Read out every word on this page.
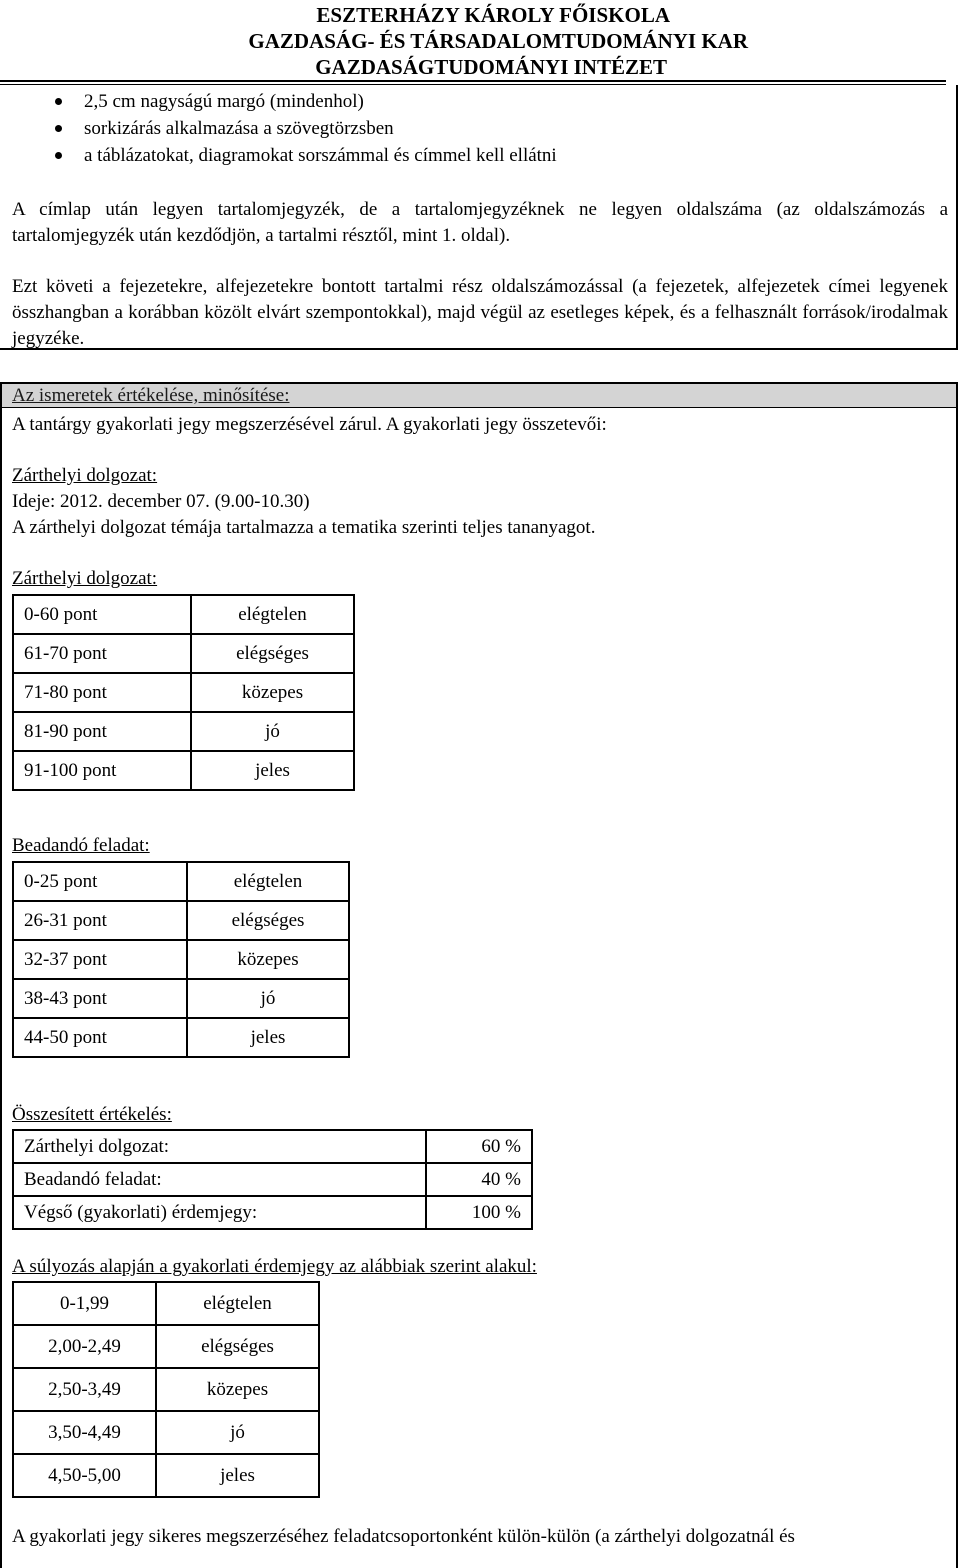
ESZTERHÁZY KÁROLY FŐISKOLA
GAZDASÁG- ÉS TÁRSADALOMTUDOMÁNYI KAR
GAZDASÁGTUDOMÁNYI INTÉZET
2,5 cm nagyságú margó (mindenhol)
sorkizárás alkalmazása a szövegtörzsben
a táblázatokat, diagramokat sorszámmal és címmel kell ellátni
A címlap után legyen tartalomjegyzék, de a tartalomjegyzéknek ne legyen oldalszáma (az oldalszámozás a tartalomjegyzék után kezdődjön, a tartalmi résztől, mint 1. oldal).
Ezt követi a fejezetekre, alfejezetekre bontott tartalmi rész oldalszámozással (a fejezetek, alfejezetek címei legyenek összhangban a korábban közölt elvárt szempontokkal), majd végül az esetleges képek, és a felhasznált források/irodalmak jegyzéke.
Az ismeretek értékelése, minősítése:
A tantárgy gyakorlati jegy megszerzésével zárul. A gyakorlati jegy összetevői:
Zárthelyi dolgozat:
Ideje: 2012. december 07. (9.00-10.30)
A zárthelyi dolgozat témája tartalmazza a tematika szerinti teljes tananyagot.
Zárthelyi dolgozat:
0-60 pont	elégtelen
61-70 pont	elégséges
71-80 pont	közepes
81-90 pont	jó
91-100 pont	jeles
Beadandó feladat:
0-25 pont	elégtelen
26-31 pont	elégséges
32-37 pont	közepes
38-43 pont	jó
44-50 pont	jeles
Összesített értékelés:
Zárthelyi dolgozat:	60 %
Beadandó feladat:	40 %
Végső (gyakorlati) érdemjegy:	100 %
A súlyozás alapján a gyakorlati érdemjegy az alábbiak szerint alakul:
0-1,99	elégtelen
2,00-2,49	elégséges
2,50-3,49	közepes
3,50-4,49	jó
4,50-5,00	jeles
A gyakorlati jegy sikeres megszerzéséhez feladatcsoportonként külön-külön (a zárthelyi dolgozatnál és
